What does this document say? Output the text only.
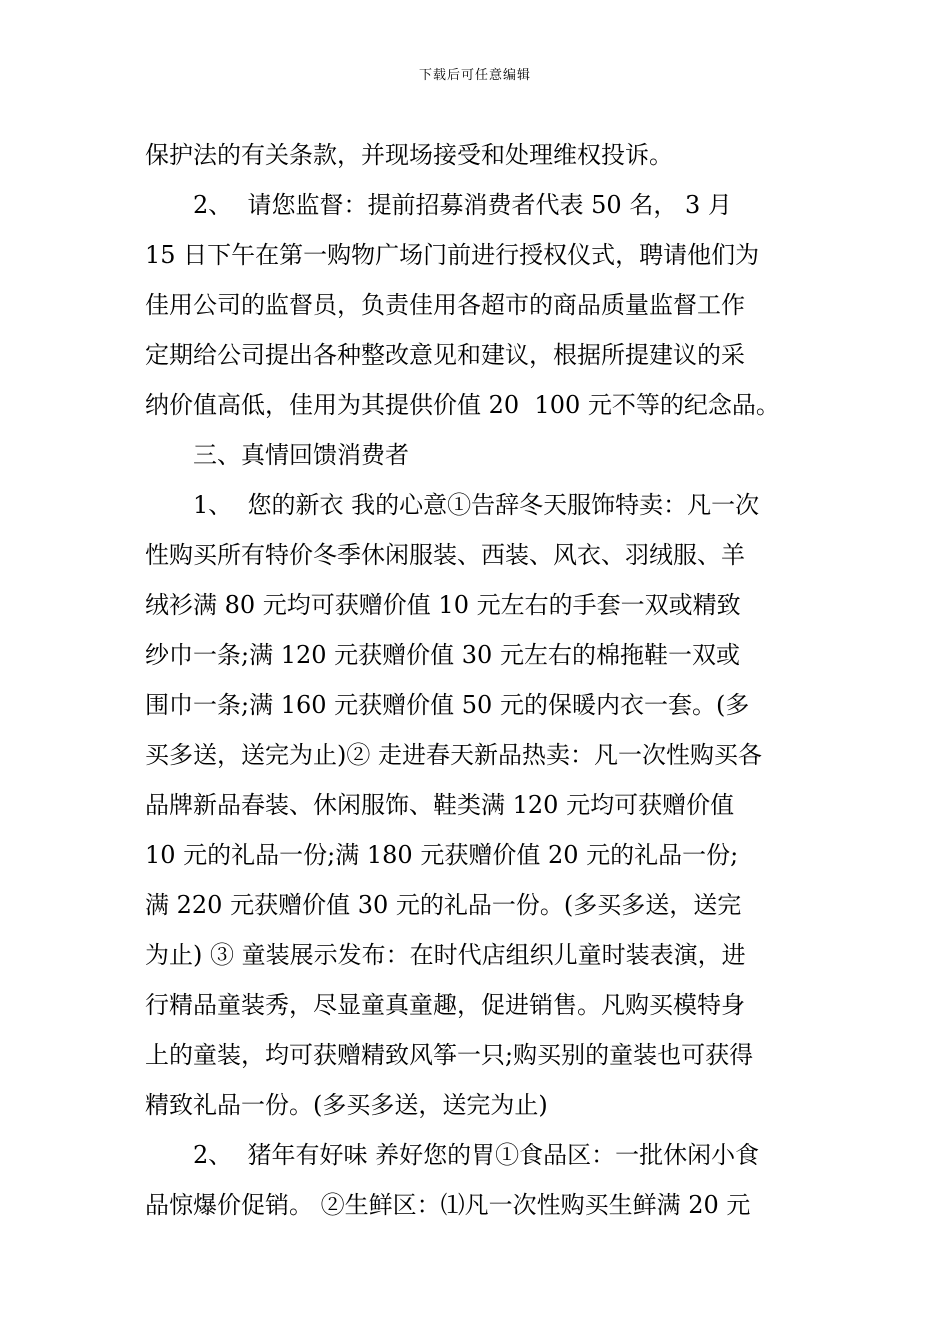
下载后可任意编辑
保护法的有关条款，并现场接受和处理维权投诉。
2、  请您监督：提前招募消费者代表 50 名， 3 月
15 日下午在第一购物广场门前进行授权仪式，聘请他们为
佳用公司的监督员，负责佳用各超市的商品质量监督工作
定期给公司提出各种整改意见和建议，根据所提建议的采
纳价值高低，佳用为其提供价值 20  100 元不等的纪念品。
三、真情回馈消费者
1、  您的新衣 我的心意①告辞冬天服饰特卖：凡一次
性购买所有特价冬季休闲服装、西装、风衣、羽绒服、羊
绒衫满 80 元均可获赠价值 10 元左右的手套一双或精致
纱巾一条;满 120 元获赠价值 30 元左右的棉拖鞋一双或
围巾一条;满 160 元获赠价值 50 元的保暖内衣一套。(多
买多送，送完为止)② 走进春天新品热卖：凡一次性购买各
品牌新品春装、休闲服饰、鞋类满 120 元均可获赠价值
10 元的礼品一份;满 180 元获赠价值 20 元的礼品一份;
满 220 元获赠价值 30 元的礼品一份。(多买多送，送完
为止) ③ 童装展示发布：在时代店组织儿童时装表演，进
行精品童装秀，尽显童真童趣，促进销售。凡购买模特身
上的童装，均可获赠精致风筝一只;购买别的童装也可获得
精致礼品一份。(多买多送，送完为止)
2、  猪年有好味 养好您的胃①食品区：一批休闲小食
品惊爆价促销。 ②生鲜区：⑴凡一次性购买生鲜满 20 元
